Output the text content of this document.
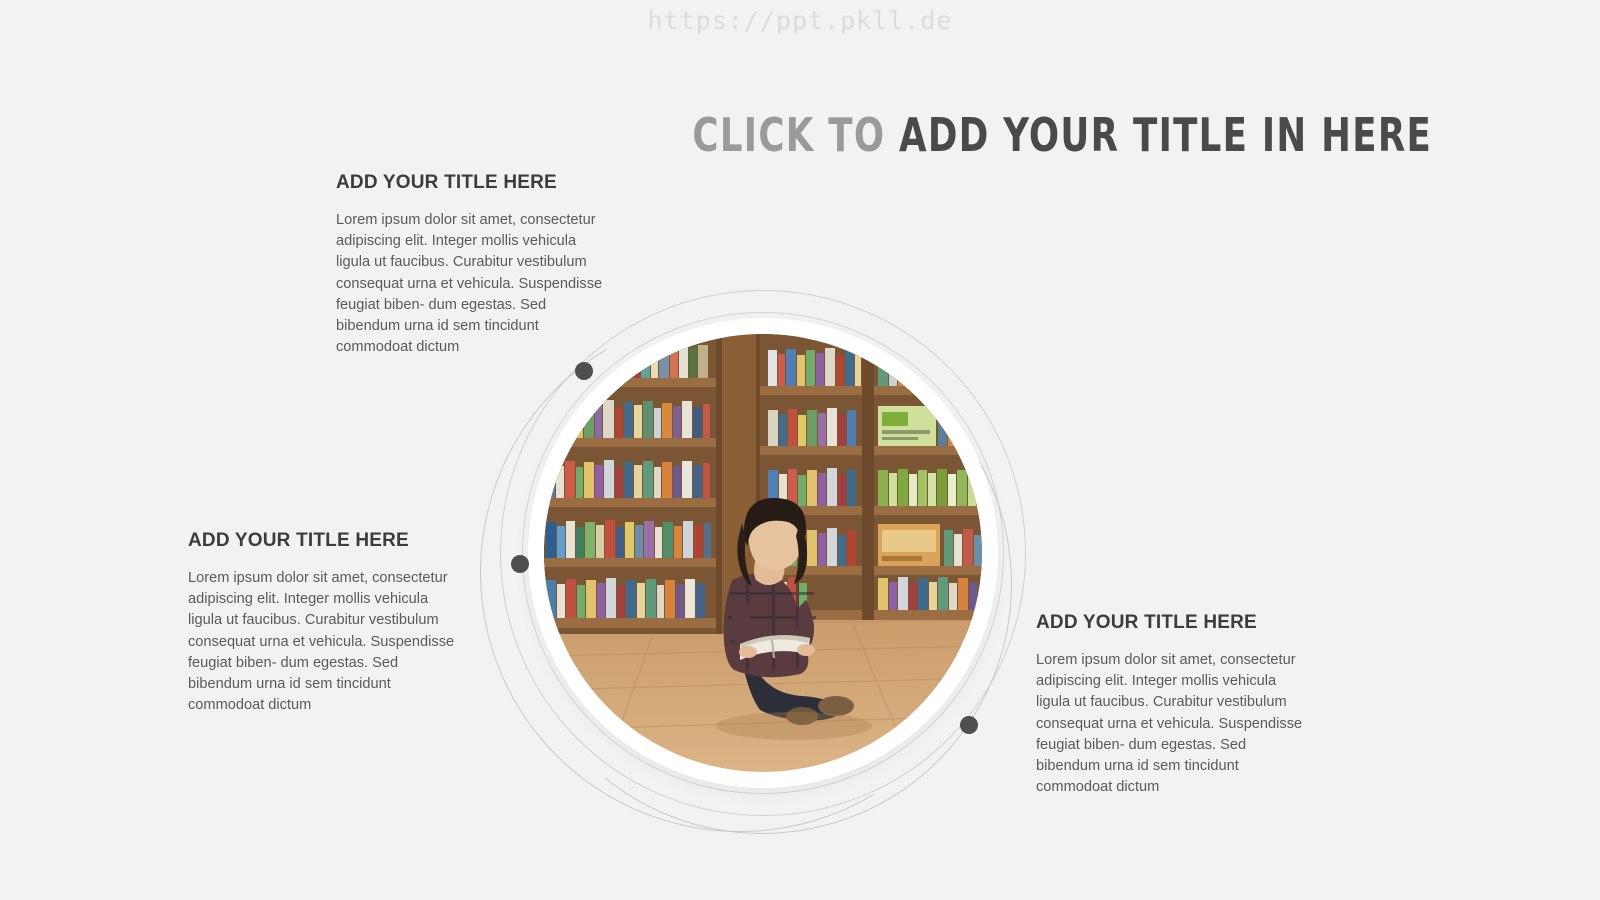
https://ppt.pkll.de
CLICK TO ADD YOUR TITLE IN HERE
ADD YOUR TITLE HERE

Lorem ipsum dolor sit amet, consectetur adipiscing elit. Integer mollis vehicula ligula ut faucibus. Curabitur vestibulum consequat urna et vehicula. Suspendisse feugiat biben- dum egestas. Sed bibendum urna id sem tincidunt commodoat dictum

ADD YOUR TITLE HERE

Lorem ipsum dolor sit amet, consectetur adipiscing elit. Integer mollis vehicula ligula ut faucibus. Curabitur vestibulum consequat urna et vehicula. Suspendisse feugiat biben- dum egestas. Sed bibendum urna id sem tincidunt commodoat dictum

ADD YOUR TITLE HERE

Lorem ipsum dolor sit amet, consectetur adipiscing elit. Integer mollis vehicula ligula ut faucibus. Curabitur vestibulum consequat urna et vehicula. Suspendisse feugiat biben- dum egestas. Sed bibendum urna id sem tincidunt commodoat dictum
